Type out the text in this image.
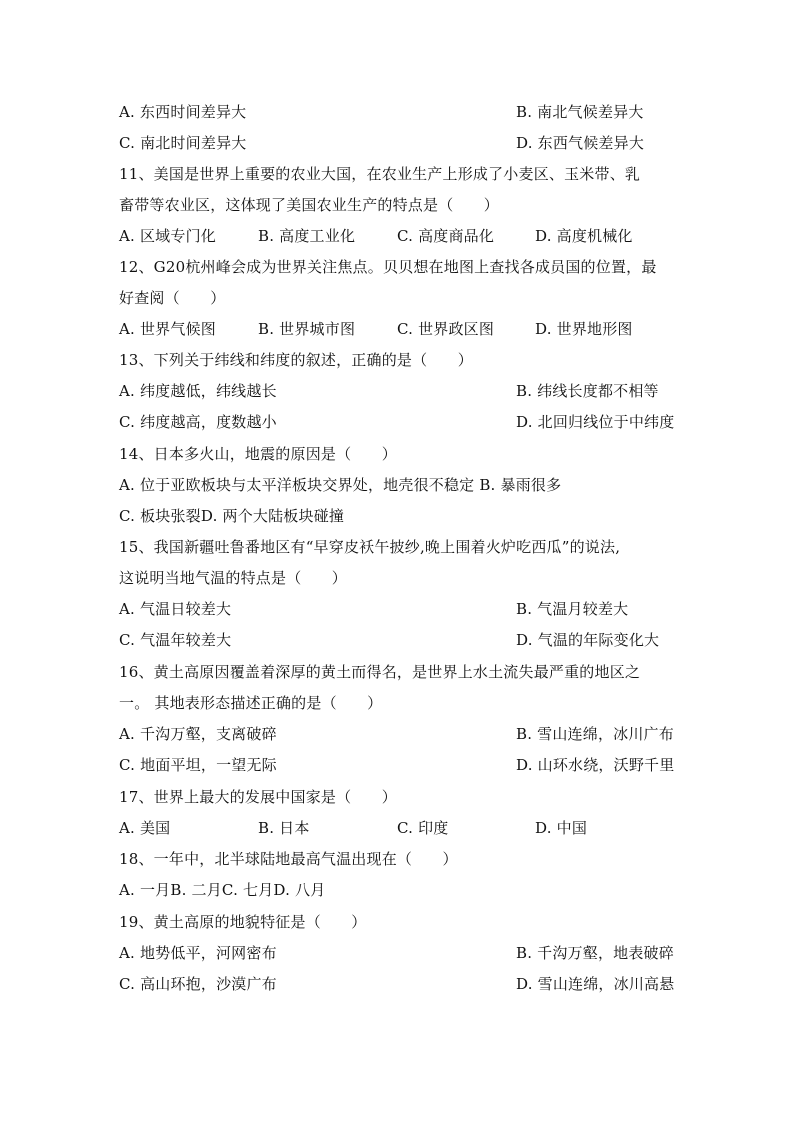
A. 东西时间差异大	B. 南北气候差异大
C. 南北时间差异大	D. 东西气候差异大
11、美国是世界上重要的农业大国，在农业生产上形成了小麦区、玉米带、乳
畜带等农业区，这体现了美国农业生产的特点是（　　）
A. 区域专门化	B. 高度工业化	C. 高度商品化	D. 高度机械化
12、G20杭州峰会成为世界关注焦点。贝贝想在地图上查找各成员国的位置，最
好查阅（　　）
A. 世界气候图	B. 世界城市图	C. 世界政区图	D. 世界地形图
13、下列关于纬线和纬度的叙述，正确的是（　　）
A. 纬度越低，纬线越长	B. 纬线长度都不相等
C. 纬度越高，度数越小	D. 北回归线位于中纬度
14、日本多火山，地震的原因是（　　）
A. 位于亚欧板块与太平洋板块交界处，地壳很不稳定 B. 暴雨很多
C. 板块张裂D. 两个大陆板块碰撞
15、我国新疆吐鲁番地区有“早穿皮袄午披纱,晚上围着火炉吃西瓜”的说法,
这说明当地气温的特点是（　　）
A. 气温日较差大	B. 气温月较差大
C. 气温年较差大	D. 气温的年际变化大
16、黄土高原因覆盖着深厚的黄土而得名，是世界上水土流失最严重的地区之
一。 其地表形态描述正确的是（　　）
A. 千沟万壑，支离破碎	B. 雪山连绵，冰川广布
C. 地面平坦，一望无际	D. 山环水绕，沃野千里
17、世界上最大的发展中国家是（　　）
A. 美国	B. 日本	C. 印度	D. 中国
18、一年中，北半球陆地最高气温出现在（　　）
A. 一月B. 二月C. 七月D. 八月
19、黄土高原的地貌特征是（　　）
A. 地势低平，河网密布	B. 千沟万壑，地表破碎
C. 高山环抱，沙漠广布	D. 雪山连绵，冰川高悬
